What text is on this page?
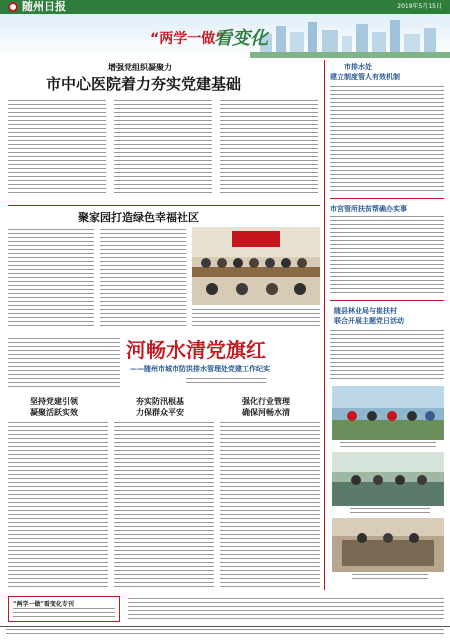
随州日报	2019年5月15日
“两学一做”
看变化
增强党组织凝聚力
市中心医院着力夯实党建基础
聚家园打造绿色幸福社区
河畅水清党旗红
——随州市城市防洪排水管理处党建工作纪实
坚持党建引领
凝聚活跃实效
夯实防汛根基
力保群众平安
强化行业管理
确保河畅水清
市排水处
建立制度管人有效机制
市宫管所扶贫帮确办实事
随县林业局与崔扶村
联合开展主题党日活动
“两学一做”看变化专刊
